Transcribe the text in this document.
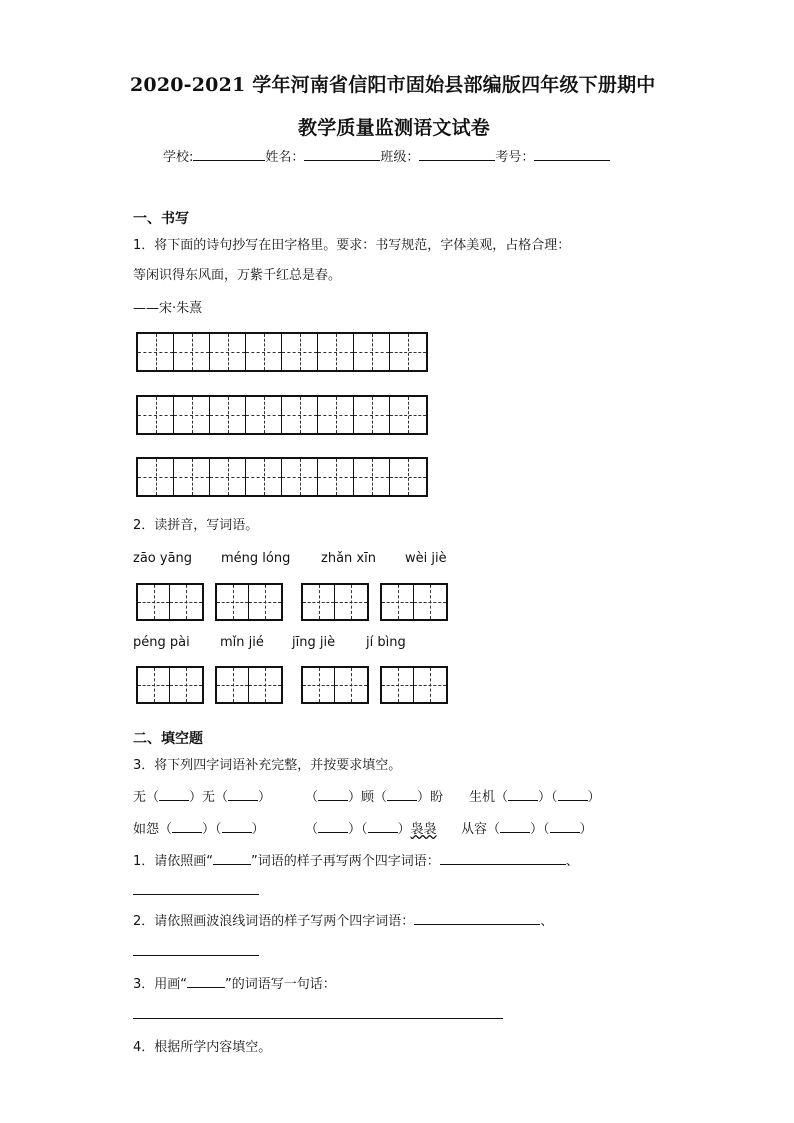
2020-2021 学年河南省信阳市固始县部编版四年级下册期中
教学质量监测语文试卷
学校:	姓名：	班级：	考号：
一、书写
1．将下面的诗句抄写在田字格里。要求：书写规范，字体美观，占格合理：
等闲识得东风面，万紫千红总是春。
——宋·朱熹
2．读拼音，写词语。
zāo yāng méng lóng zhǎn xīn wèi jiè
péng pài mǐn jié jīng jiè jí bìng
二、填空题
3．将下列四字词语补充完整，并按要求填空。
无（ ）无（ ）	（ ）顾（ ）盼 生机（ ）（ ）
如怨（ ）（ ）	（ ）（ ）袅袅 从容（ ）（ ）
1．请依照画“	”词语的样子再写两个四字词语：	、
2．请依照画波浪线词语的样子写两个四字词语：	、
3．用画“	”的词语写一句话：
4．根据所学内容填空。
